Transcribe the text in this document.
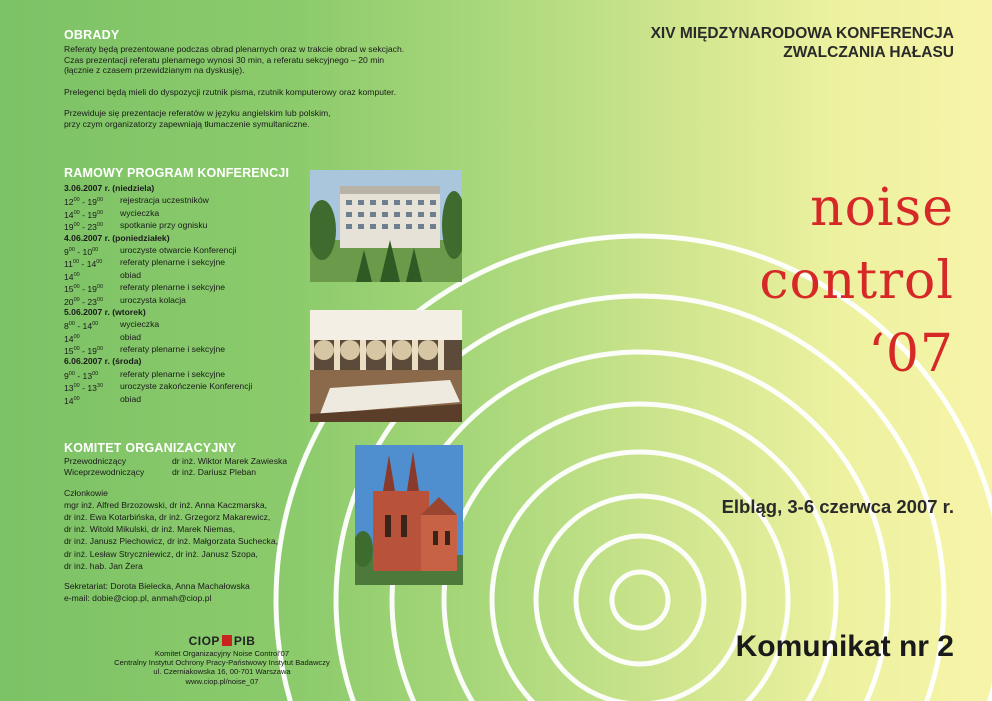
XIV MIĘDZYNARODOWA KONFERENCJA
ZWALCZANIA HAŁASU
noise
control
‘07
Elbląg, 3-6 czerwca 2007 r.
Komunikat nr 2
OBRADY
Referaty będą prezentowane podczas obrad plenarnych oraz w trakcie obrad w sekcjach.
Czas prezentacji referatu plenarnego wynosi 30 min, a referatu sekcyjnego – 20 min
(łącznie z czasem przewidzianym na dyskusję).
Prelegenci będą mieli do dyspozycji rzutnik pisma, rzutnik komputerowy oraz komputer.
Przewiduje się prezentacje referatów w języku angielskim lub polskim,
przy czym organizatorzy zapewniają tłumaczenie symultaniczne.
RAMOWY PROGRAM KONFERENCJI
3.06.2007 r. (niedziela)
$12^{00} - 19^{00}$	rejestracja uczestników
$14^{00} - 19^{00}$	wycieczka
$19^{00} - 23^{00}$	spotkanie przy ognisku
4.06.2007 r. (poniedziałek)
$9^{00} - 10^{00}$	uroczyste otwarcie Konferencji
$11^{00} - 14^{00}$	referaty plenarne i sekcyjne
$14^{00}$	obiad
$15^{00} - 19^{00}$	referaty plenarne i sekcyjne
$20^{00} - 23^{00}$	uroczysta kolacja
5.06.2007 r. (wtorek)
$8^{00} - 14^{00}$	wycieczka
$14^{00}$	obiad
$15^{00} - 19^{00}$	referaty plenarne i sekcyjne
6.06.2007 r. (środa)
$9^{00} - 13^{00}$	referaty plenarne i sekcyjne
$13^{00} - 13^{30}$	uroczyste zakończenie Konferencji
$14^{00}$	obiad
KOMITET ORGANIZACYJNY
Przewodniczący	dr inż. Wiktor Marek Zawieska
Wiceprzewodniczący	dr inż. Dariusz Pleban
Członkowie
mgr inż. Alfred Brzozowski, dr inż. Anna Kaczmarska,
dr inż. Ewa Kotarbińska, dr inż. Grzegorz Makarewicz,
dr inż. Witold Mikulski, dr inż. Marek Niemas,
dr inż. Janusz Piechowicz, dr inż. Małgorzata Suchecka,
dr inż. Lesław Stryczniewicz, dr inż. Janusz Szopa,
dr inż. hab. Jan Żera
Sekretariat: Dorota Bielecka, Anna Machałowska
e-mail: dobie@ciop.pl, anmah@ciop.pl
CIOP PIB
Komitet Organizacyjny Noise Control’07
Centralny Instytut Ochrony Pracy-Państwowy Instytut Badawczy
ul. Czerniakowska 16, 00-701 Warszawa
www.ciop.pl/noise_07
